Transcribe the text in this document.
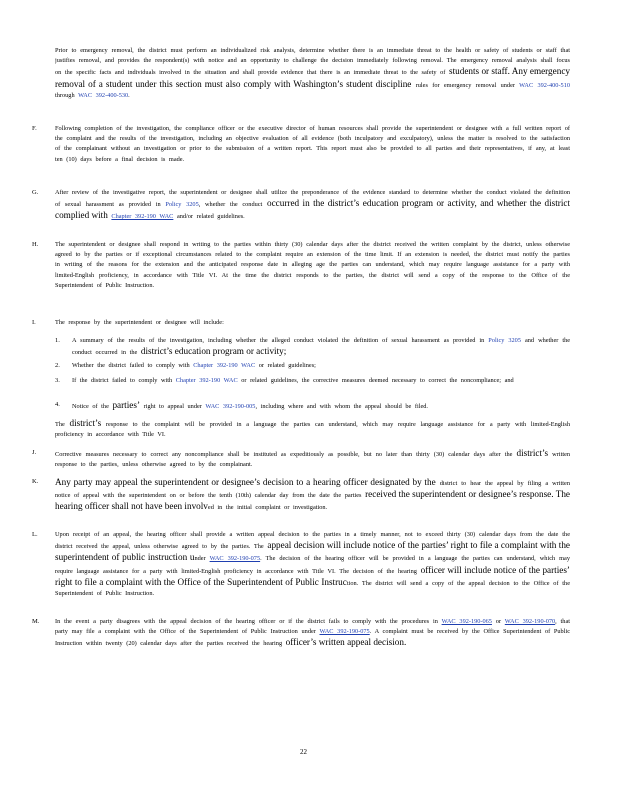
Prior to emergency removal, the district must perform an individualized risk analysis, determine whether there is an immediate threat to the health or safety of students or staff that justifies removal, and provides the respondent(s) with notice and an opportunity to challenge the decision immediately following removal. The emergency removal analysis shall focus on the specific facts and individuals involved in the situation and shall provide evidence that there is an immediate threat to the safety of students or staff. Any emergency removal of a student under this section must also comply with Washington’s student discipline rules for emergency removal under WAC 392-400-510 through WAC 392-400-530.
F.	Following completion of the investigation, the compliance officer or the executive director of human resources shall provide the superintendent or designee with a full written report of the complaint and the results of the investigation, including an objective evaluation of all evidence (both inculpatory and exculpatory), unless the matter is resolved to the satisfaction of the complainant without an investigation or prior to the submission of a written report. This report must also be provided to all parties and their representatives, if any, at least ten (10) days before a final decision is made.
G.	After review of the investigative report, the superintendent or designee shall utilize the preponderance of the evidence standard to determine whether the conduct violated the definition of sexual harassment as provided in Policy 3205, whether the conduct occurred in the district’s education program or activity, and whether the district complied with Chapter 392-190 WAC and/or related guidelines.
H.	The superintendent or designee shall respond in writing to the parties within thirty (30) calendar days after the district received the written complaint by the district, unless otherwise agreed to by the parties or if exceptional circumstances related to the complaint require an extension of the time limit. If an extension is needed, the district must notify the parties in writing of the reasons for the extension and the anticipated response date in alleging age the parties can understand, which may require language assistance for a party with limited-English proficiency, in accordance with Title VI. At the time the district responds to the parties, the district will send a copy of the response to the Office of the Superintendent of Public Instruction.
I.	The response by the superintendent or designee will include:
1. A summary of the results of the investigation, including whether the alleged conduct violated the definition of sexual harassment as provided in Policy 3205 and whether the conduct occurred in the district’s education program or activity;
2. Whether the district failed to comply with Chapter 392-190 WAC or related guidelines;
3. If the district failed to comply with Chapter 392-190 WAC or related guidelines, the corrective measures deemed necessary to correct the noncompliance; and
4. Notice of the parties’ right to appeal under WAC 392-190-005, including where and with whom the appeal should be filed.
The district’s response to the complaint will be provided in a language the parties can understand, which may require language assistance for a party with limited-English proficiency in accordance with Title VI.
J.	Corrective measures necessary to correct any noncompliance shall be instituted as expeditiously as possible, but no later than thirty (30) calendar days after the district’s written response to the parties, unless otherwise agreed to by the complainant.
K. Any party may appeal the superintendent or designee’s decision to a hearing officer designated by the district to hear the appeal by filing a written notice of appeal with the superintendent on or before the tenth (10th) calendar day from the date the parties received the superintendent or designee’s response. The hearing officer shall not have been involved in the initial complaint or investigation.
L.	Upon receipt of an appeal, the hearing officer shall provide a written appeal decision to the parties in a timely manner, not to exceed thirty (30) calendar days from the date the district received the appeal, unless otherwise agreed to by the parties. The appeal decision will include notice of the parties’ right to file a complaint with the superintendent of public instruction under WAC 392-190-075. The decision of the hearing officer will be provided in a language the parties can understand, which may require language assistance for a party with limited-English proficiency in accordance with Title VI. The decision of the hearing officer will include notice of the parties’ right to file a complaint with the Office of the Superintendent of Public Instruction. The district will send a copy of the appeal decision to the Office of the Superintendent of Public Instruction.
M. In the event a party disagrees with the appeal decision of the hearing officer or if the district fails to comply with the procedures in WAC 392-190-065 or WAC 392-190-070, that party may file a complaint with the Office of the Superintendent of Public Instruction under WAC 392-190-075. A complaint must be received by the Office Superintendent of Public Instruction within twenty (20) calendar days after the parties received the hearing officer’s written appeal decision.
22
